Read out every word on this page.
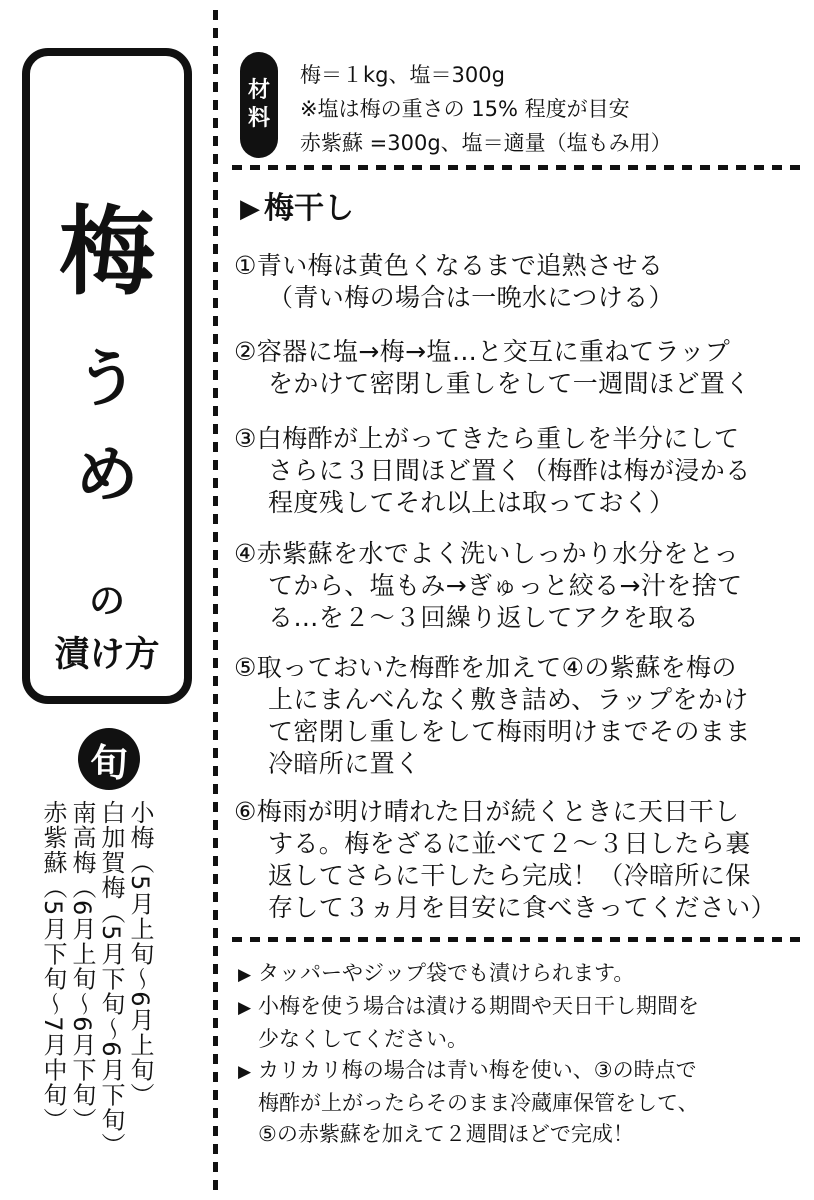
梅
う
め
の
漬け方
旬
小梅（5月上旬～6月上旬）
白加賀梅（5月下旬～6月下旬）
南高梅（6月上旬～6月下旬）
赤紫蘇（5月下旬～7月中旬）
材
料
梅＝１kg、塩＝300g
※塩は梅の重さの 15% 程度が目安
赤紫蘇 =300g、塩＝適量（塩もみ用）
▶ 梅干し
①青い梅は黄色くなるまで追熟させる
（青い梅の場合は一晩水につける）
②容器に塩→梅→塩…と交互に重ねてラップ
をかけて密閉し重しをして一週間ほど置く
③白梅酢が上がってきたら重しを半分にして
さらに３日間ほど置く（梅酢は梅が浸かる
程度残してそれ以上は取っておく）
④赤紫蘇を水でよく洗いしっかり水分をとっ
てから、塩もみ→ぎゅっと絞る→汁を捨て
る…を２～３回繰り返してアクを取る
⑤取っておいた梅酢を加えて④の紫蘇を梅の
上にまんべんなく敷き詰め、ラップをかけ
て密閉し重しをして梅雨明けまでそのまま
冷暗所に置く
⑥梅雨が明け晴れた日が続くときに天日干し
する。梅をざるに並べて２～３日したら裏
返してさらに干したら完成！（冷暗所に保
存して３ヵ月を目安に食べきってください）
▶ タッパーやジップ袋でも漬けられます。
▶ 小梅を使う場合は漬ける期間や天日干し期間を
少なくしてください。
▶ カリカリ梅の場合は青い梅を使い、③の時点で
梅酢が上がったらそのまま冷蔵庫保管をして、
⑤の赤紫蘇を加えて２週間ほどで完成！
